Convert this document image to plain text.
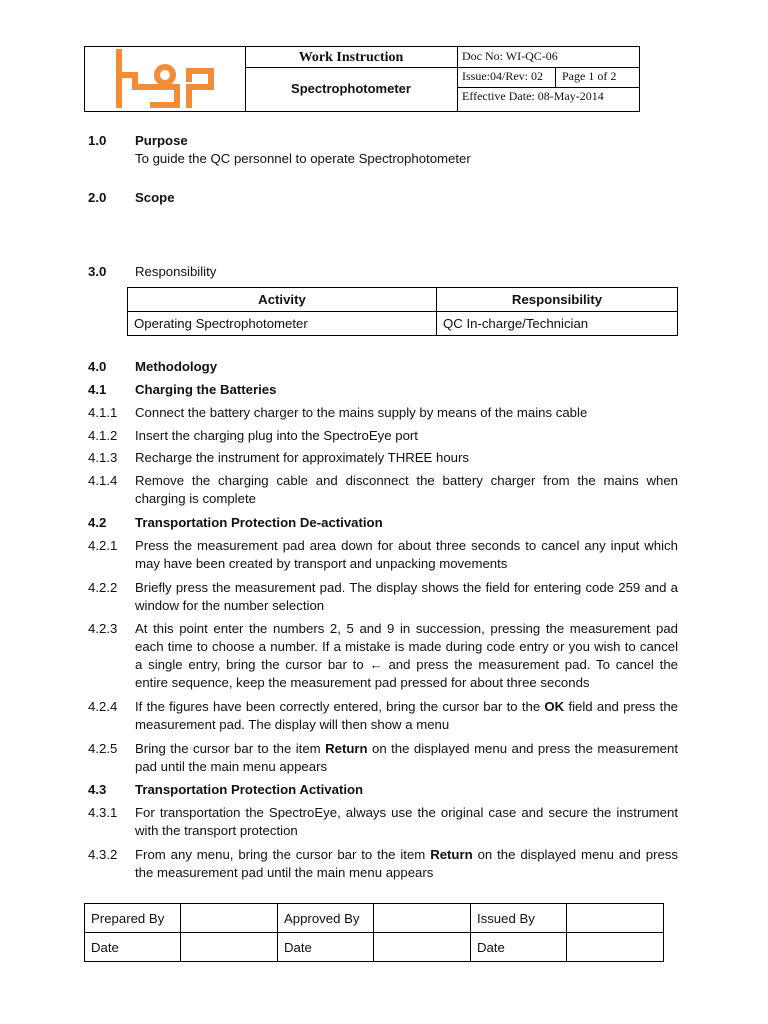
Work Instruction
Spectrophotometer
Doc No: WI-QC-06
Issue:04/Rev: 02 Page 1 of 2
Effective Date: 08-May-2014
1.0 Purpose
To guide the QC personnel to operate Spectrophotometer
2.0 Scope
3.0 Responsibility
Activity	Responsibility
Operating Spectrophotometer	QC In-charge/Technician
4.0 Methodology
4.1 Charging the Batteries
4.1.1 Connect the battery charger to the mains supply by means of the mains cable
4.1.2 Insert the charging plug into the SpectroEye port
4.1.3 Recharge the instrument for approximately THREE hours
4.1.4 Remove the charging cable and disconnect the battery charger from the mains when charging is complete
4.2 Transportation Protection De-activation
4.2.1 Press the measurement pad area down for about three seconds to cancel any input which may have been created by transport and unpacking movements
4.2.2 Briefly press the measurement pad. The display shows the field for entering code 259 and a window for the number selection
4.2.3 At this point enter the numbers 2, 5 and 9 in succession, pressing the measurement pad each time to choose a number. If a mistake is made during code entry or you wish to cancel a single entry, bring the cursor bar to ← and press the measurement pad. To cancel the entire sequence, keep the measurement pad pressed for about three seconds
4.2.4 If the figures have been correctly entered, bring the cursor bar to the OK field and press the measurement pad. The display will then show a menu
4.2.5 Bring the cursor bar to the item Return on the displayed menu and press the measurement pad until the main menu appears
4.3 Transportation Protection Activation
4.3.1 For transportation the SpectroEye, always use the original case and secure the instrument with the transport protection
4.3.2 From any menu, bring the cursor bar to the item Return on the displayed menu and press the measurement pad until the main menu appears
Prepared By		Approved By		Issued By	
Date		Date		Date	
